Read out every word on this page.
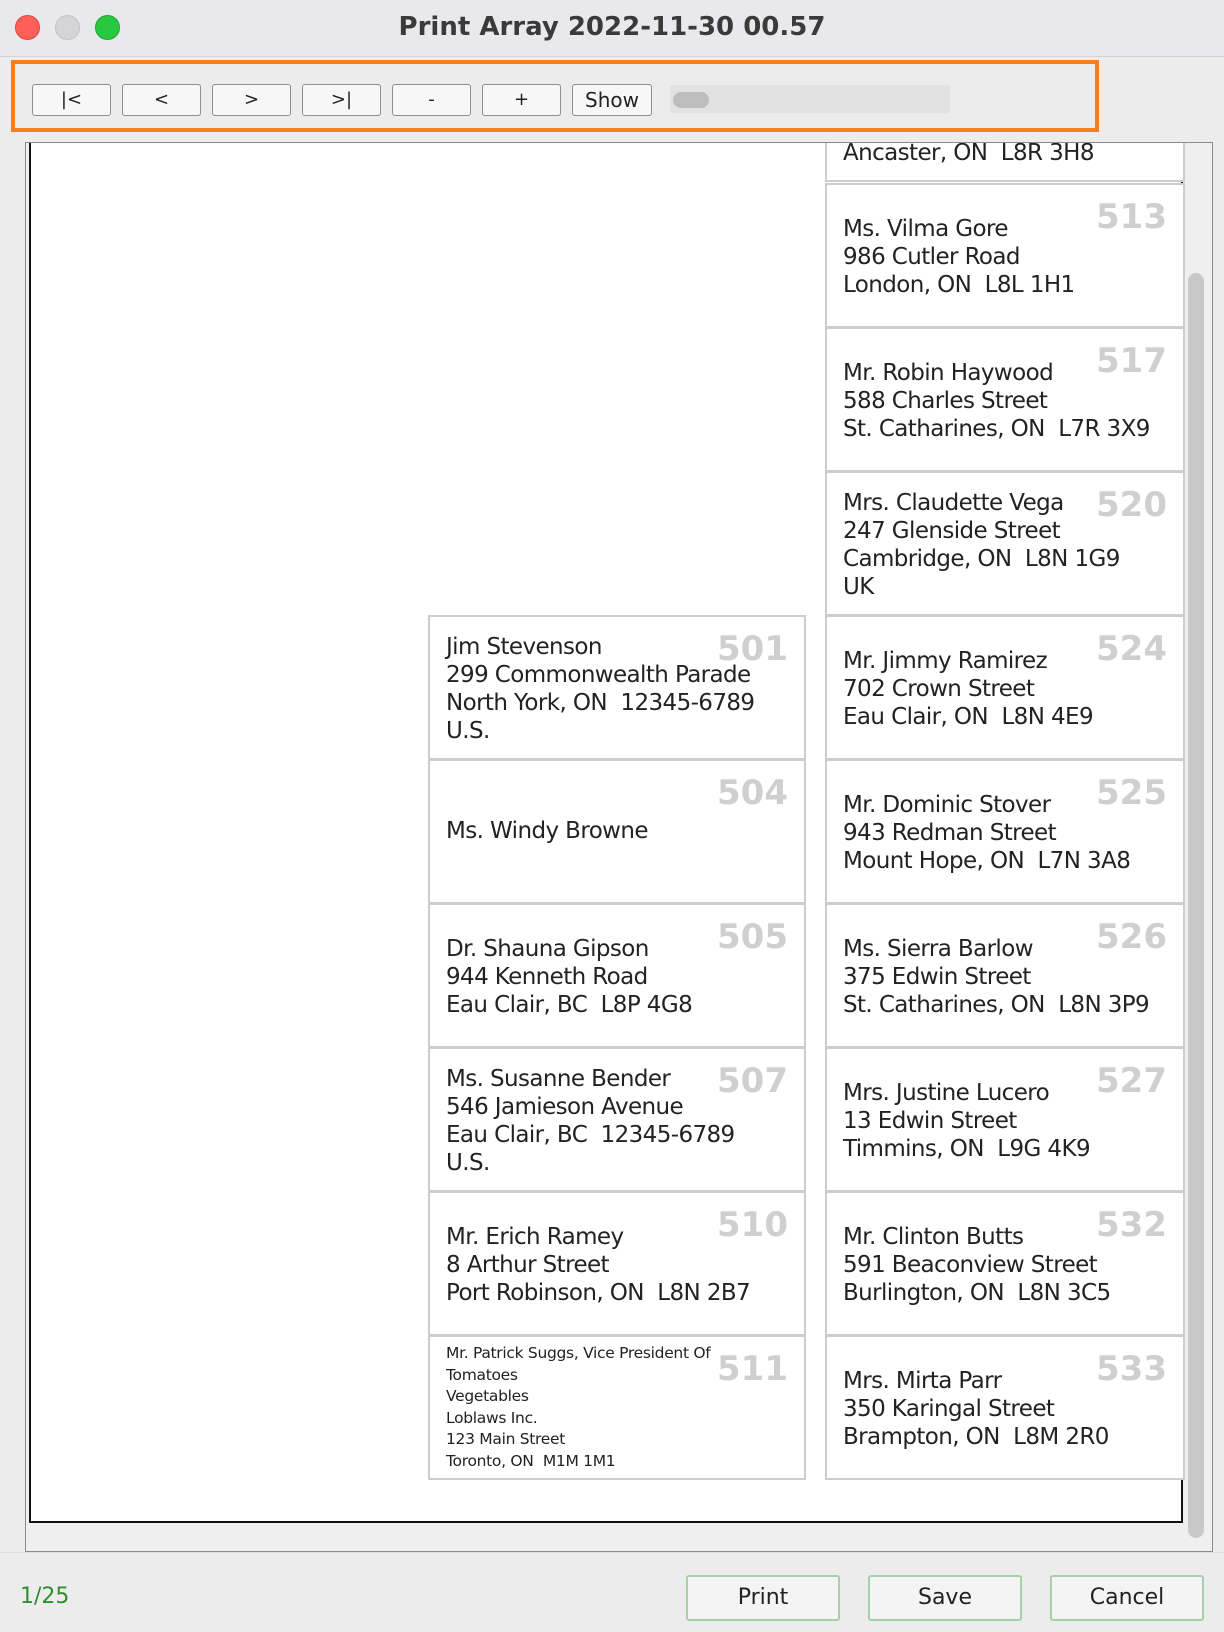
Print Array 2022-11-30 00.57
|<	<	>	>|	-	+	Show
Ancaster, ON  L8R 3H8
513
Ms. Vilma Gore
986 Cutler Road
London, ON  L8L 1H1
517
Mr. Robin Haywood
588 Charles Street
St. Catharines, ON  L7R 3X9
520
Mrs. Claudette Vega
247 Glenside Street
Cambridge, ON  L8N 1G9
UK
524
Mr. Jimmy Ramirez
702 Crown Street
Eau Clair, ON  L8N 4E9
525
Mr. Dominic Stover
943 Redman Street
Mount Hope, ON  L7N 3A8
526
Ms. Sierra Barlow
375 Edwin Street
St. Catharines, ON  L8N 3P9
527
Mrs. Justine Lucero
13 Edwin Street
Timmins, ON  L9G 4K9
532
Mr. Clinton Butts
591 Beaconview Street
Burlington, ON  L8N 3C5
533
Mrs. Mirta Parr
350 Karingal Street
Brampton, ON  L8M 2R0
501
Jim Stevenson
299 Commonwealth Parade
North York, ON  12345-6789
U.S.
504
Ms. Windy Browne
505
Dr. Shauna Gipson
944 Kenneth Road
Eau Clair, BC  L8P 4G8
507
Ms. Susanne Bender
546 Jamieson Avenue
Eau Clair, BC  12345-6789
U.S.
510
Mr. Erich Ramey
8 Arthur Street
Port Robinson, ON  L8N 2B7
511
Mr. Patrick Suggs, Vice President Of
Tomatoes
Vegetables
Loblaws Inc.
123 Main Street
Toronto, ON  M1M 1M1
1/25	Print	Save	Cancel
